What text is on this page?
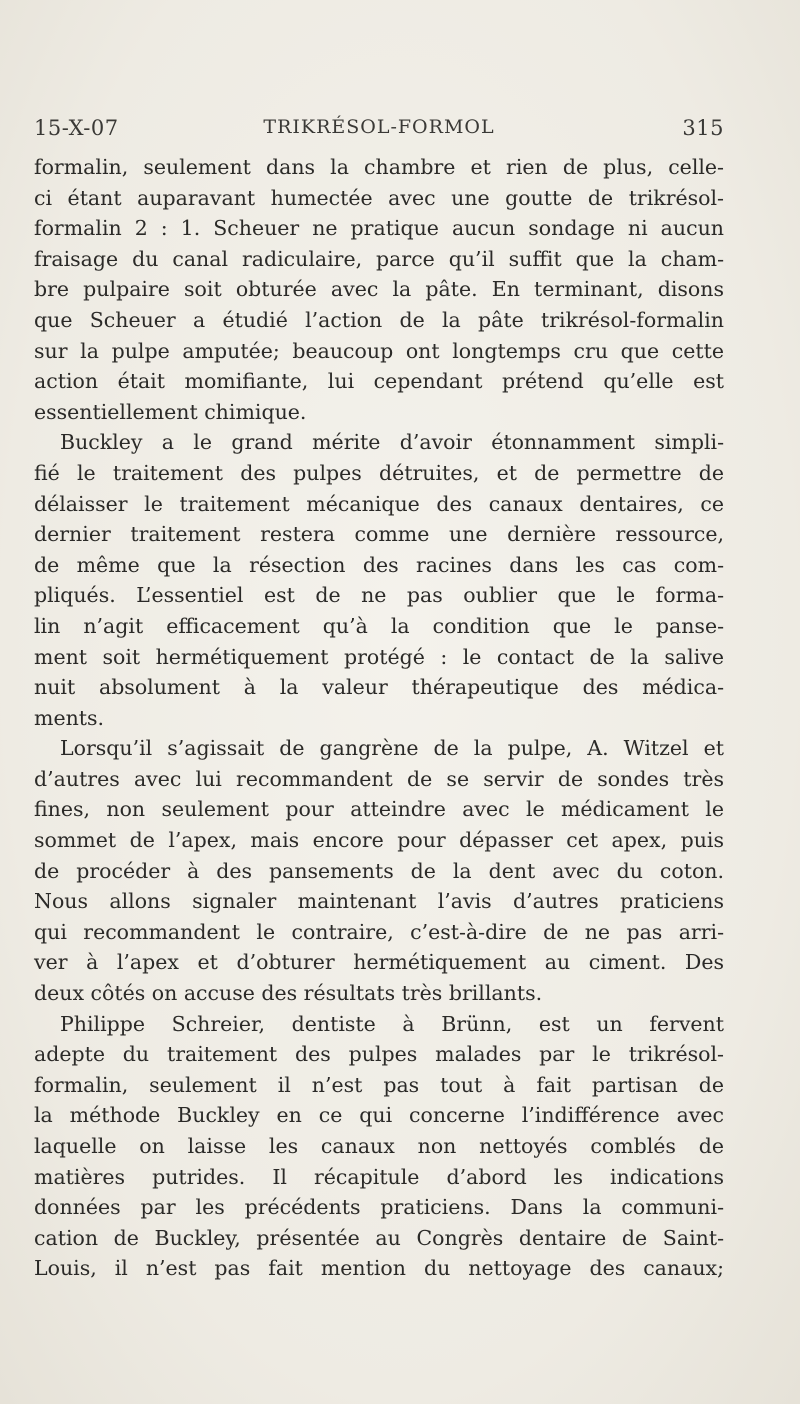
15-X-07	TRIKRÉSOL-FORMOL	315

formalin, seulement dans la chambre et rien de plus, celle-
ci étant auparavant humectée avec une goutte de trikrésol-
formalin 2 : 1. Scheuer ne pratique aucun sondage ni aucun
fraisage du canal radiculaire, parce qu’il suffit que la cham-
bre pulpaire soit obturée avec la pâte. En terminant, disons
que Scheuer a étudié l’action de la pâte trikrésol-formalin
sur la pulpe amputée; beaucoup ont longtemps cru que cette
action était momifiante, lui cependant prétend qu’elle est
essentiellement chimique.

Buckley a le grand mérite d’avoir étonnamment simpli-
fié le traitement des pulpes détruites, et de permettre de
délaisser le traitement mécanique des canaux dentaires, ce
dernier traitement restera comme une dernière ressource,
de même que la résection des racines dans les cas com-
pliqués. L’essentiel est de ne pas oublier que le forma-
lin n’agit efficacement qu’à la condition que le panse-
ment soit hermétiquement protégé : le contact de la salive
nuit absolument à la valeur thérapeutique des médica-
ments.

Lorsqu’il s’agissait de gangrène de la pulpe, A. Witzel et
d’autres avec lui recommandent de se servir de sondes très
fines, non seulement pour atteindre avec le médicament le
sommet de l’apex, mais encore pour dépasser cet apex, puis
de procéder à des pansements de la dent avec du coton.
Nous allons signaler maintenant l’avis d’autres praticiens
qui recommandent le contraire, c’est-à-dire de ne pas arri-
ver à l’apex et d’obturer hermétiquement au ciment. Des
deux côtés on accuse des résultats très brillants.

Philippe Schreier, dentiste à Brünn, est un fervent
adepte du traitement des pulpes malades par le trikrésol-
formalin, seulement il n’est pas tout à fait partisan de
la méthode Buckley en ce qui concerne l’indifférence avec
laquelle on laisse les canaux non nettoyés comblés de
matières putrides. Il récapitule d’abord les indications
données par les précédents praticiens. Dans la communi-
cation de Buckley, présentée au Congrès dentaire de Saint-
Louis, il n’est pas fait mention du nettoyage des canaux;
